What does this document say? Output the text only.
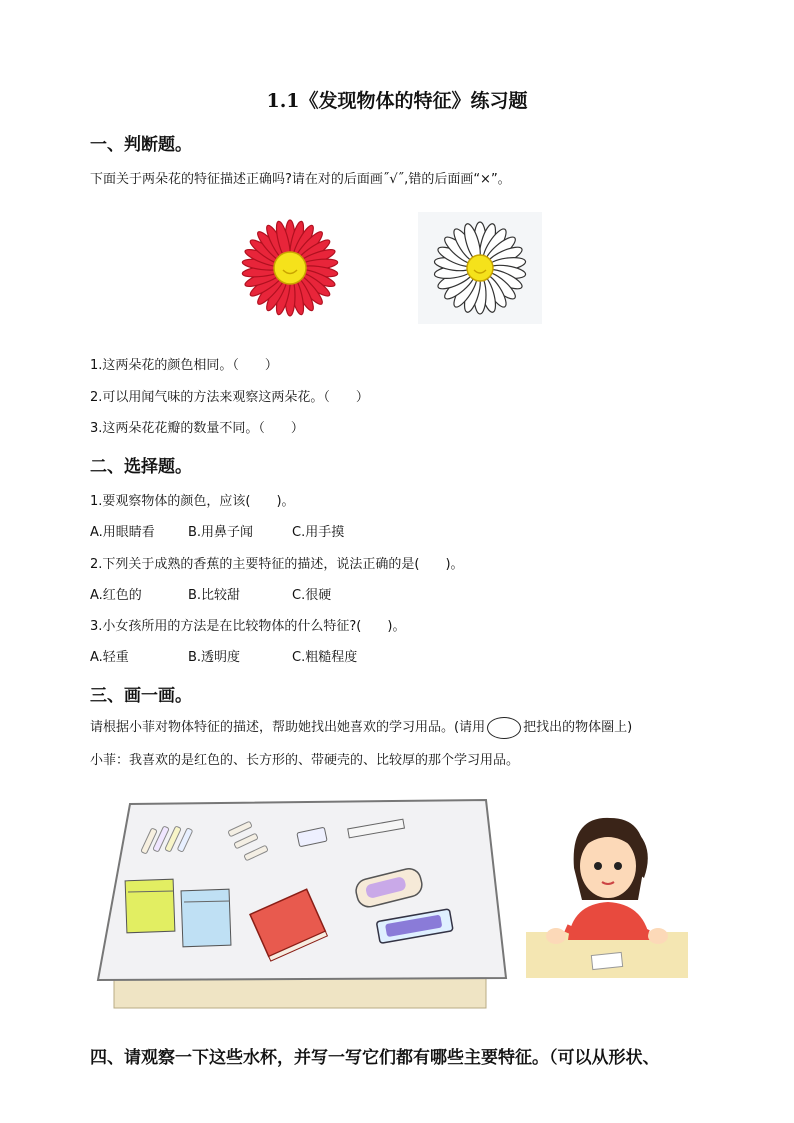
1.1《发现物体的特征》练习题
一、判断题。
下面关于两朵花的特征描述正确吗?请在对的后面画˝√˝,错的后面画“×”。
1.这两朵花的颜色相同。（　　）
2.可以用闻气味的方法来观察这两朵花。（　　）
3.这两朵花花瓣的数量不同。（　　）
二、选择题。
1.要观察物体的颜色，应该(　　)。
A.用眼睛看	B.用鼻子闻	C.用手摸
2.下列关于成熟的香蕉的主要特征的描述，说法正确的是(　　)。
A.红色的	B.比较甜	C.很硬
3.小女孩所用的方法是在比较物体的什么特征?(　　)。
A.轻重	B.透明度	C.粗糙程度
三、画一画。
请根据小菲对物体特征的描述，帮助她找出她喜欢的学习用品。(请用	把找出的物体圈上)
小菲：我喜欢的是红色的、长方形的、带硬壳的、比较厚的那个学习用品。
四、请观察一下这些水杯，并写一写它们都有哪些主要特征。（可以从形状、
